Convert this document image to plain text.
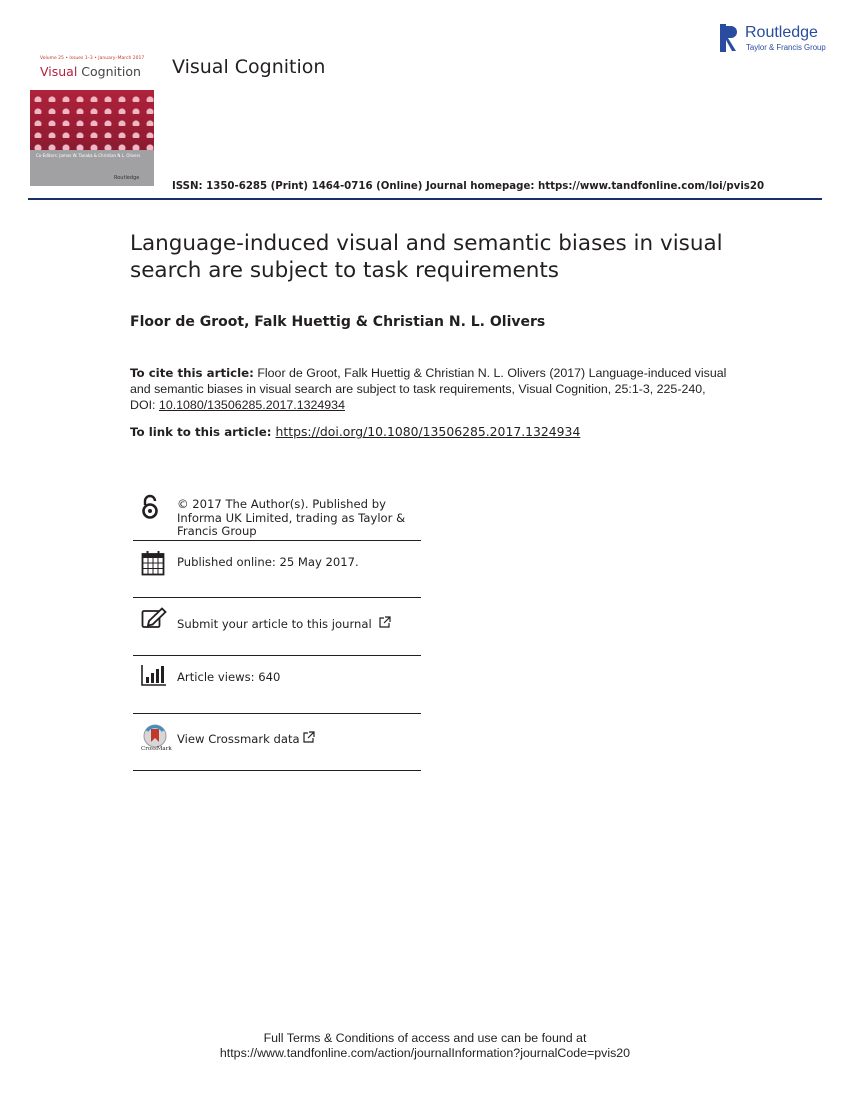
Volume 25 • Issues 1–3 • January–March 2017
Visual Cognition
Co-Editors: James W. Tanaka & Christian N.L. Olivers
Routledge
Visual Cognition
Routledge
Taylor & Francis Group
ISSN: 1350-6285 (Print) 1464-0716 (Online) Journal homepage: https://www.tandfonline.com/loi/pvis20
Language-induced visual and semantic biases in visual search are subject to task requirements
Floor de Groot, Falk Huettig & Christian N. L. Olivers
To cite this article: Floor de Groot, Falk Huettig & Christian N. L. Olivers (2017) Language-induced visual and semantic biases in visual search are subject to task requirements, Visual Cognition, 25:1-3, 225-240, DOI: 10.1080/13506285.2017.1324934
To link to this article: https://doi.org/10.1080/13506285.2017.1324934
© 2017 The Author(s). Published by Informa UK Limited, trading as Taylor & Francis Group
Published online: 25 May 2017.
Submit your article to this journal
Article views: 640
CrossMark
View Crossmark data
Full Terms & Conditions of access and use can be found at
https://www.tandfonline.com/action/journalInformation?journalCode=pvis20
